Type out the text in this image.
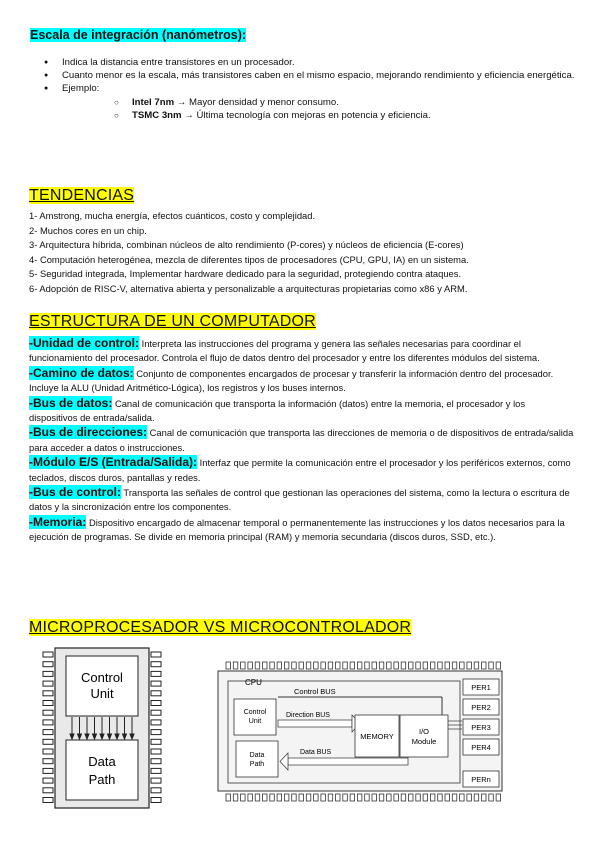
Escala de integración (nanómetros):
● Indica la distancia entre transistores en un procesador.
● Cuanto menor es la escala, más transistores caben en el mismo espacio, mejorando rendimiento y eficiencia energética.
● Ejemplo:
○ Intel 7nm → Mayor densidad y menor consumo.
○ TSMC 3nm → Última tecnología con mejoras en potencia y eficiencia.
TENDENCIAS
1- Amstrong, mucha energía, efectos cuánticos, costo y complejidad.
2- Muchos cores en un chip.
3- Arquitectura híbrida, combinan núcleos de alto rendimiento (P-cores) y núcleos de eficiencia (E-cores)
4- Computación heterogénea, mezcla de diferentes tipos de procesadores (CPU, GPU, IA) en un sistema.
5- Seguridad integrada, Implementar hardware dedicado para la seguridad, protegiendo contra ataques.
6- Adopción de RISC-V, alternativa abierta y personalizable a arquitecturas propietarias como x86 y ARM.
ESTRUCTURA DE UN COMPUTADOR
-Unidad de control: Interpreta las instrucciones del programa y genera las señales necesarias para coordinar el funcionamiento del procesador. Controla el flujo de datos dentro del procesador y entre los diferentes módulos del sistema.
-Camino de datos: Conjunto de componentes encargados de procesar y transferir la información dentro del procesador. Incluye la ALU (Unidad Aritmético-Lógica), los registros y los buses internos.
-Bus de datos: Canal de comunicación que transporta la información (datos) entre la memoria, el procesador y los dispositivos de entrada/salida.
-Bus de direcciones: Canal de comunicación que transporta las direcciones de memoria o de dispositivos de entrada/salida para acceder a datos o instrucciones.
-Módulo E/S (Entrada/Salida): Interfaz que permite la comunicación entre el procesador y los periféricos externos, como teclados, discos duros, pantallas y redes.
-Bus de control: Transporta las señales de control que gestionan las operaciones del sistema, como la lectura o escritura de datos y la sincronización entre los componentes.
-Memoria: Dispositivo encargado de almacenar temporal o permanentemente las instrucciones y los datos necesarios para la ejecución de programas. Se divide en memoria principal (RAM) y memoria secundaria (discos duros, SSD, etc.).
MICROPROCESADOR VS MICROCONTROLADOR
Control
Unit
Data
Path
CPU
Control BUS
Control
Unit
Direction BUS
Data
Path
Data BUS
MEMORY
I/O
Module
PER1
PER2
PER3
PER4
PERn
